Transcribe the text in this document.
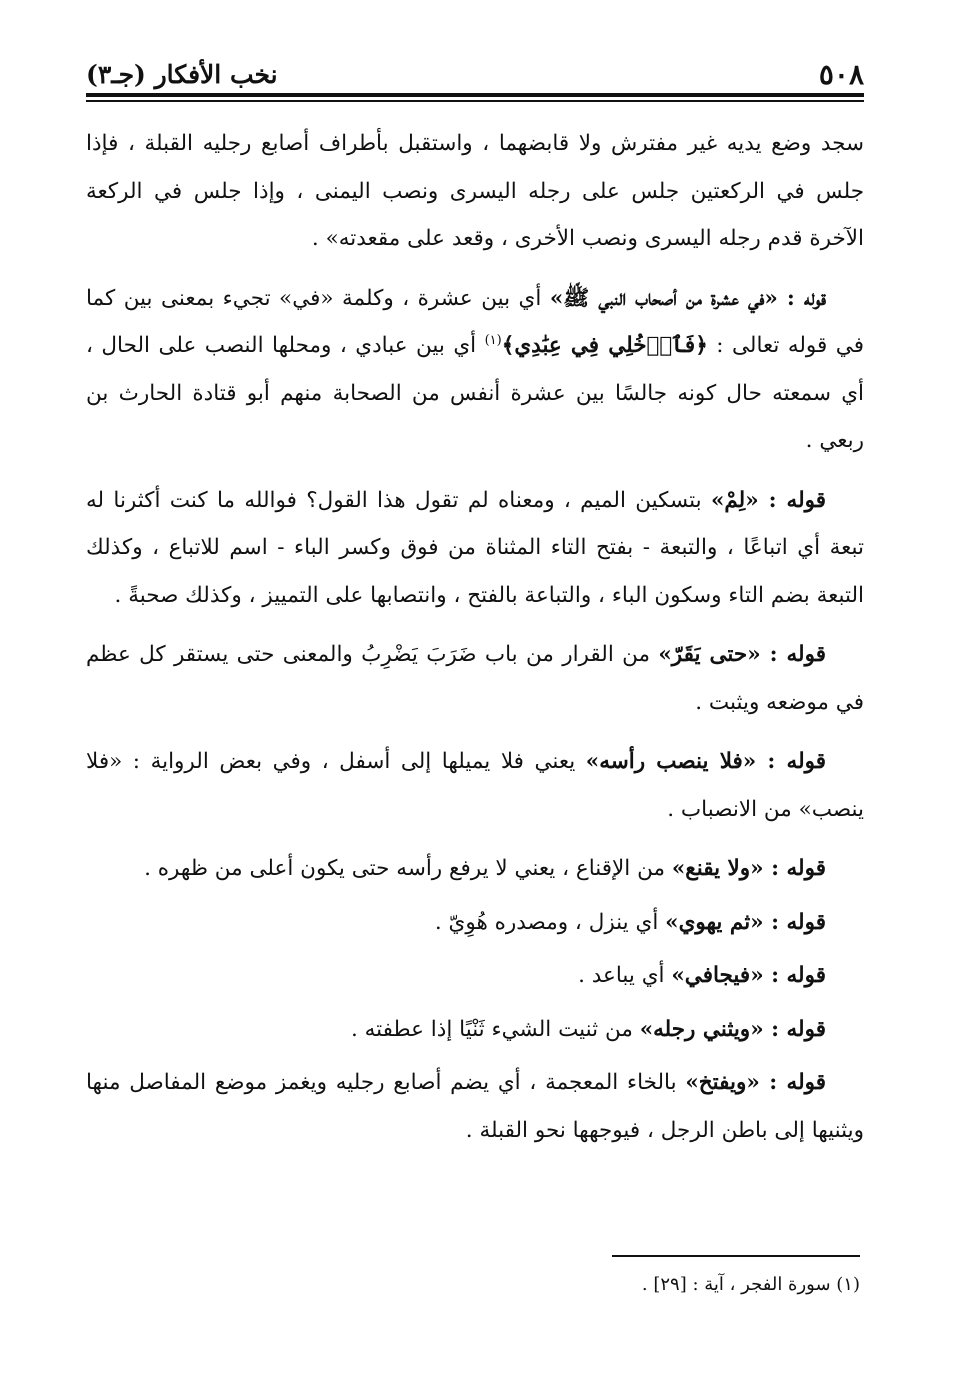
٥٠٨
نخب الأفكار (جـ٣)

سجد وضع يديه غير مفترش ولا قابضهما ، واستقبل بأطراف أصابع رجليه القبلة ، فإذا جلس في الركعتين جلس على رجله اليسرى ونصب اليمنى ، وإذا جلس في الركعة الآخرة قدم رجله اليسرى ونصب الأخرى ، وقعد على مقعدته» .

قوله : «في عشرة من أصحاب النبي ﷺ» أي بين عشرة ، وكلمة «في» تجيء بمعنى بين كما في قوله تعالى : ﴿فَٱدۡخُلِي فِي عِبَٰدِي﴾$^{(١)}$ أي بين عبادي ، ومحلها النصب على الحال ، أي سمعته حال كونه جالسًا بين عشرة أنفس من الصحابة منهم أبو قتادة الحارث بن ربعي .

قوله : «لِمْ» بتسكين الميم ، ومعناه لم تقول هذا القول؟ فوالله ما كنت أكثرنا له تبعة أي اتباعًا ، والتبعة - بفتح التاء المثناة من فوق وكسر الباء - اسم للاتباع ، وكذلك التبعة بضم التاء وسكون الباء ، والتباعة بالفتح ، وانتصابها على التمييز ، وكذلك صحبةً .

قوله : «حتى يَقَرّ» من القرار من باب ضَرَبَ يَضْرِبُ والمعنى حتى يستقر كل عظم في موضعه ويثبت .

قوله : «فلا ينصب رأسه» يعني فلا يميلها إلى أسفل ، وفي بعض الرواية : «فلا ينصب» من الانصباب .

قوله : «ولا يقنع» من الإقناع ، يعني لا يرفع رأسه حتى يكون أعلى من ظهره .

قوله : «ثم يهوي» أي ينزل ، ومصدره هُوِيّ .

قوله : «فيجافي» أي يباعد .

قوله : «ويثني رجله» من ثنيت الشيء ثَنْيًا إذا عطفته .

قوله : «ويفتخ» بالخاء المعجمة ، أي يضم أصابع رجليه ويغمز موضع المفاصل منها ويثنيها إلى باطن الرجل ، فيوجهها نحو القبلة .

(١) سورة الفجر ، آية : [٢٩] .
